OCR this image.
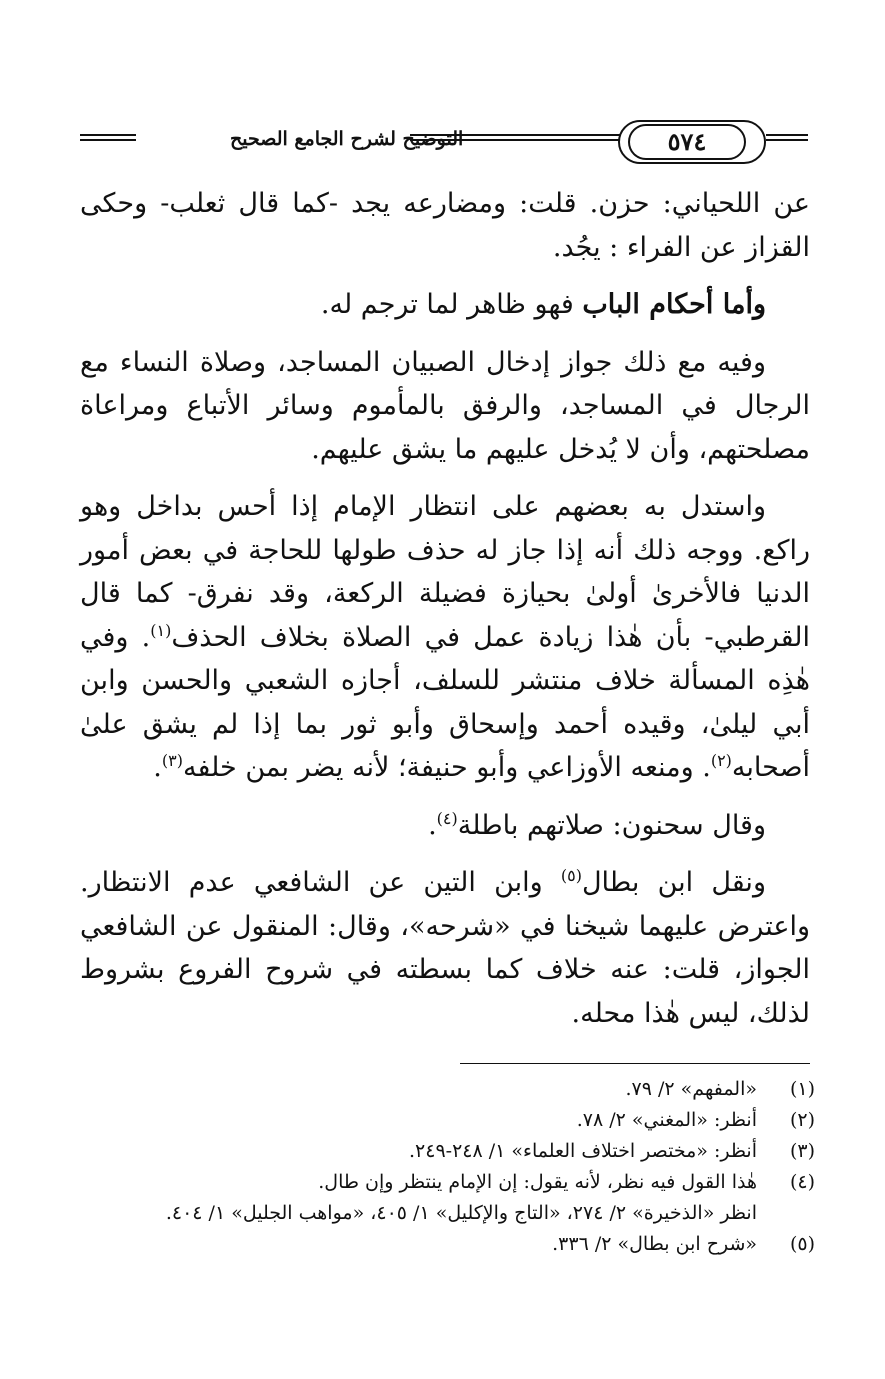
التوضيح لشرح الجامع الصحيح	٥٧٤

عن اللحياني: حزن. قلت: ومضارعه يجد -كما قال ثعلب- وحكى القزاز عن الفراء : يجُد.

وأما أحكام الباب فهو ظاهر لما ترجم له.

وفيه مع ذلك جواز إدخال الصبيان المساجد، وصلاة النساء مع الرجال في المساجد، والرفق بالمأموم وسائر الأتباع ومراعاة مصلحتهم، وأن لا يُدخل عليهم ما يشق عليهم.

واستدل به بعضهم على انتظار الإمام إذا أحس بداخل وهو راكع. ووجه ذلك أنه إذا جاز له حذف طولها للحاجة في بعض أمور الدنيا فالأخرىٰ أولىٰ بحيازة فضيلة الركعة، وقد نفرق- كما قال القرطبي- بأن هٰذا زيادة عمل في الصلاة بخلاف الحذف$^{(١)}$. وفي هٰذِه المسألة خلاف منتشر للسلف، أجازه الشعبي والحسن وابن أبي ليلىٰ، وقيده أحمد وإسحاق وأبو ثور بما إذا لم يشق علىٰ أصحابه$^{(٢)}$. ومنعه الأوزاعي وأبو حنيفة؛ لأنه يضر بمن خلفه$^{(٣)}$.

وقال سحنون: صلاتهم باطلة$^{(٤)}$.

ونقل ابن بطال$^{(٥)}$ وابن التين عن الشافعي عدم الانتظار. واعترض عليهما شيخنا في «شرحه»، وقال: المنقول عن الشافعي الجواز، قلت: عنه خلاف كما بسطته في شروح الفروع بشروط لذلك، ليس هٰذا محله.

(١)
«المفهم» ٢/ ٧٩.
(٢)
أنظر: «المغني» ٢/ ٧٨.
(٣)
أنظر: «مختصر اختلاف العلماء» ١/ ٢٤٨-٢٤٩.
(٤)
هٰذا القول فيه نظر، لأنه يقول: إن الإمام ينتظر وإن طال.
انظر «الذخيرة» ٢/ ٢٧٤، «التاج والإكليل» ١/ ٤٠٥، «مواهب الجليل» ١/ ٤٠٤.
(٥)
«شرح ابن بطال» ٢/ ٣٣٦.
